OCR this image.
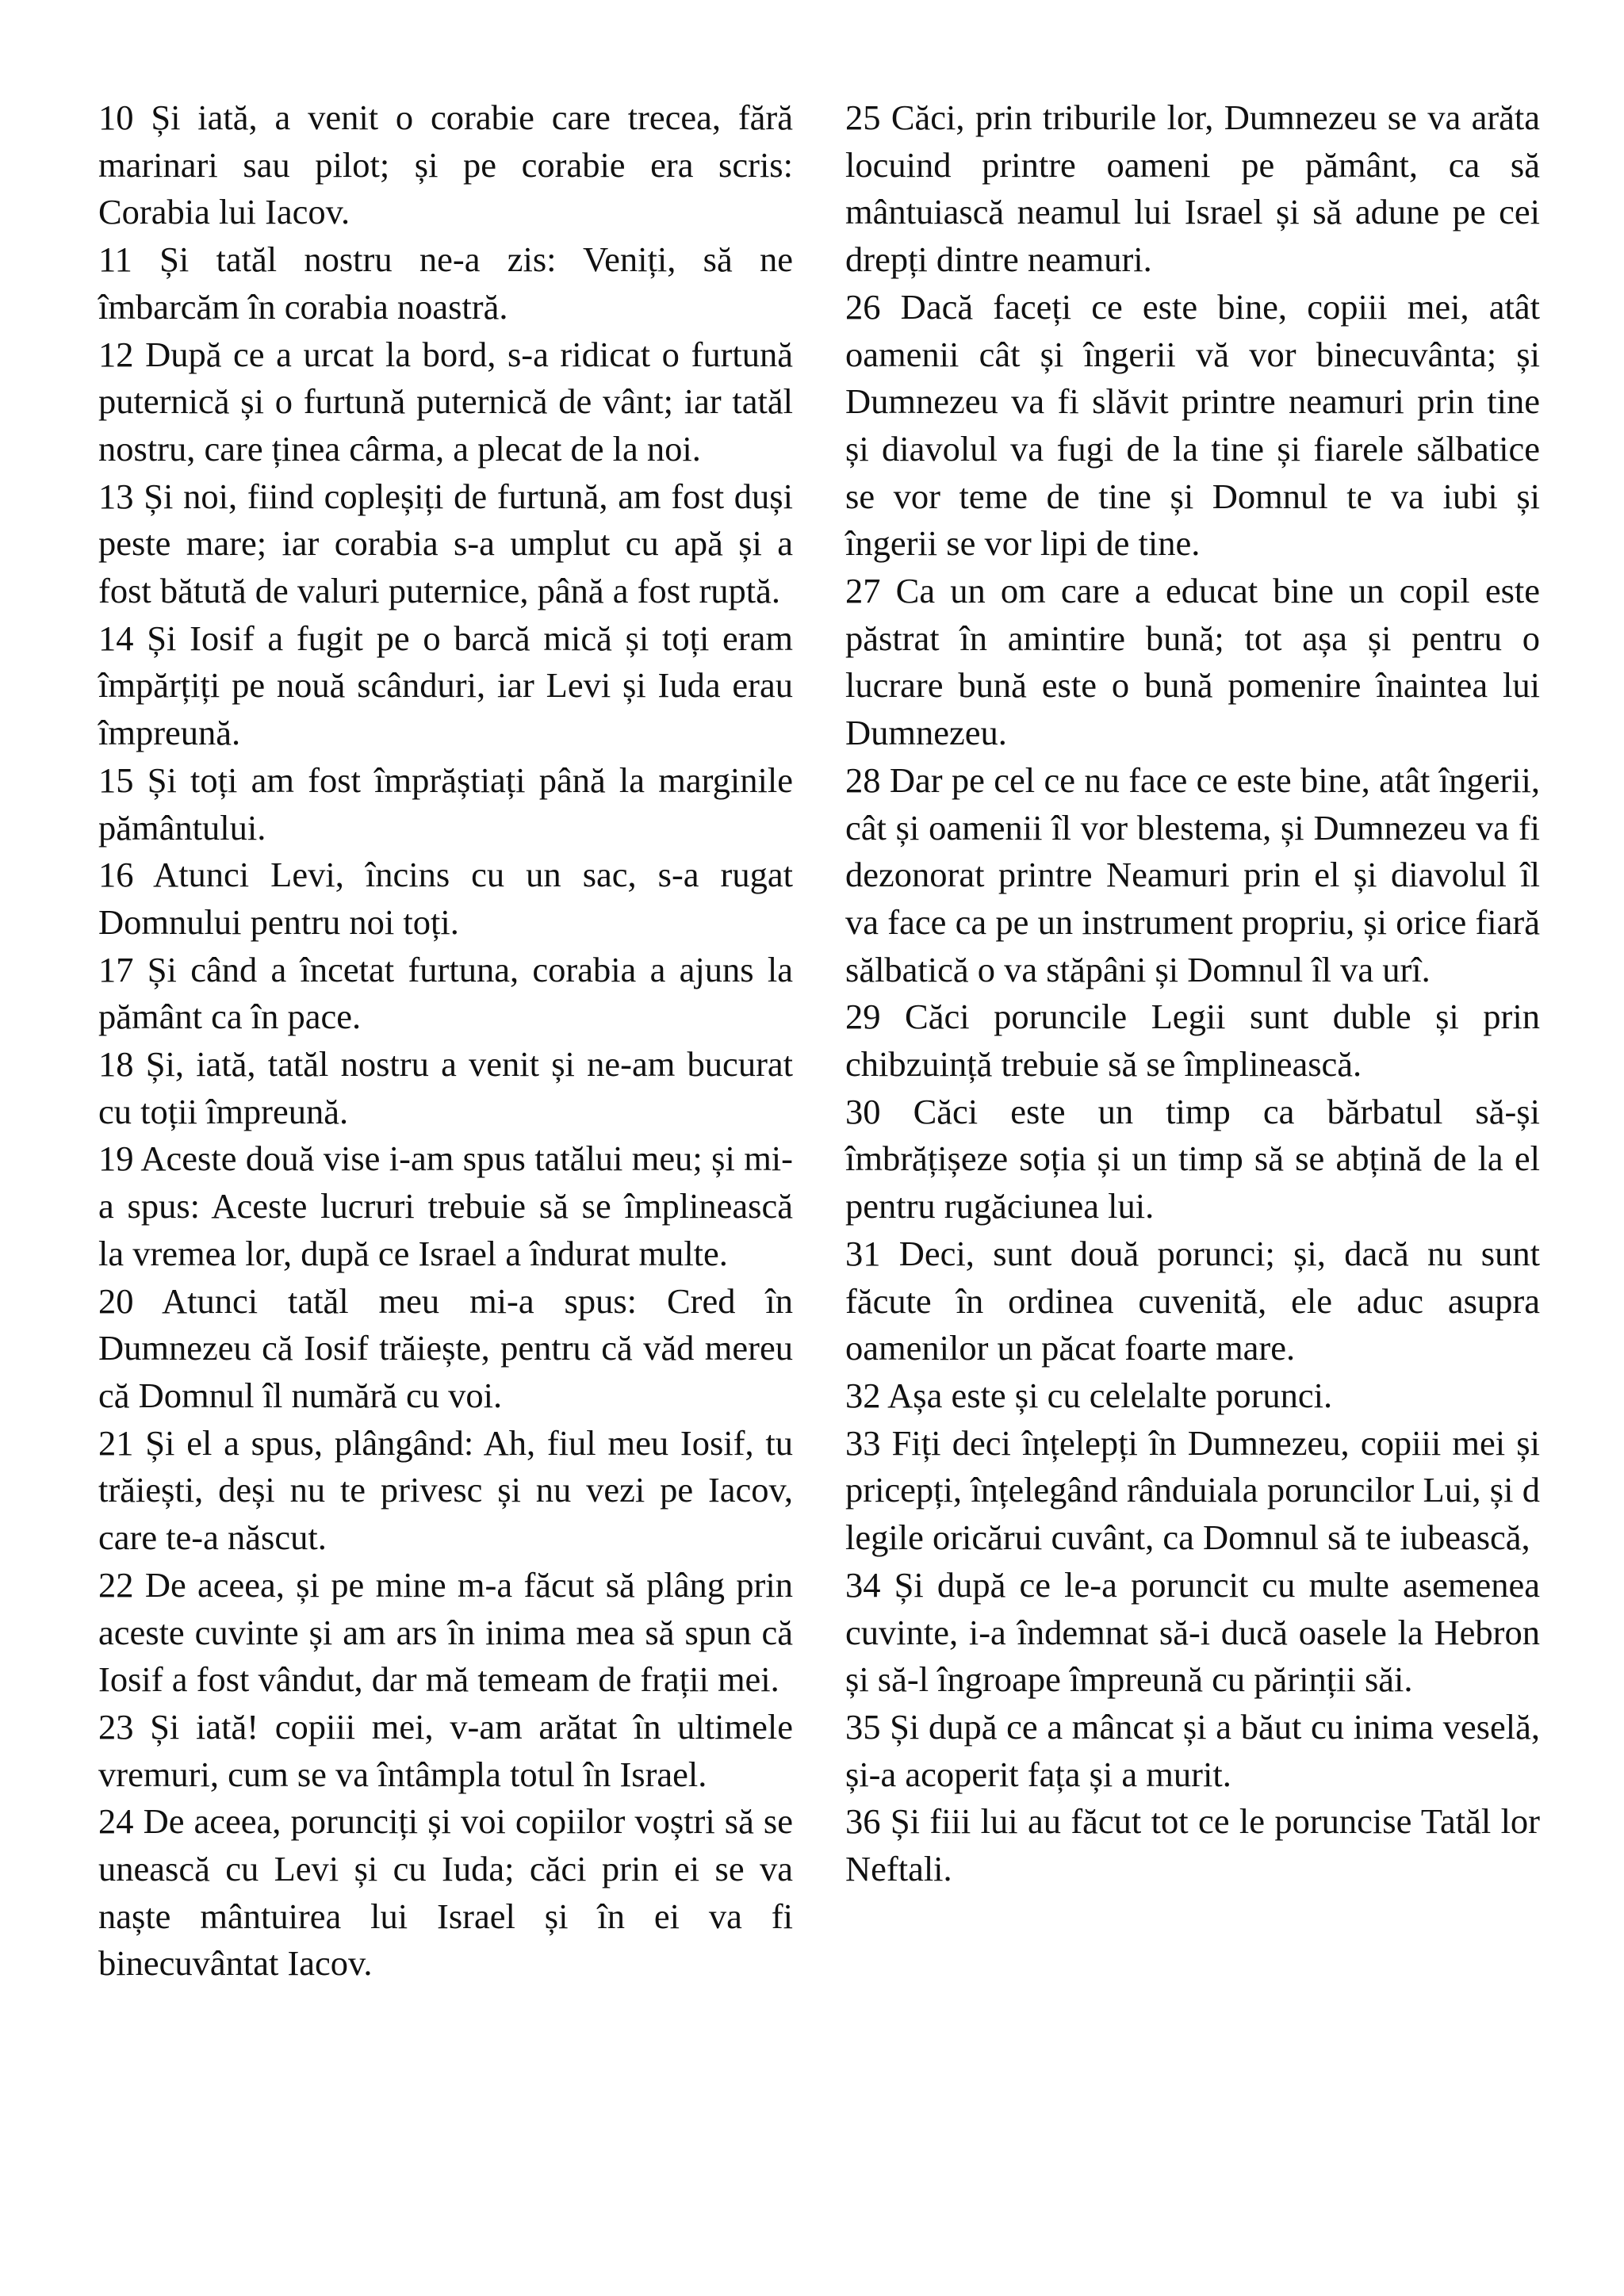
10 Și iată, a venit o corabie care trecea, fără marinari sau pilot; și pe corabie era scris: Corabia lui Iacov.

11 Și tatăl nostru ne-a zis: Veniți, să ne îmbarcăm în corabia noastră.

12 După ce a urcat la bord, s-a ridicat o furtună puternică și o furtună puternică de vânt; iar tatăl nostru, care ținea cârma, a plecat de la noi.

13 Și noi, fiind copleșiți de furtună, am fost duși peste mare; iar corabia s-a umplut cu apă și a fost bătută de valuri puternice, până a fost ruptă.

14 Și Iosif a fugit pe o barcă mică și toți eram împărțiți pe nouă scânduri, iar Levi și Iuda erau împreună.

15 Și toți am fost împrăștiați până la marginile pământului.

16 Atunci Levi, încins cu un sac, s-a rugat Domnului pentru noi toți.

17 Și când a încetat furtuna, corabia a ajuns la pământ ca în pace.

18 Și, iată, tatăl nostru a venit și ne-am bucurat cu toții împreună.

19 Aceste două vise i-am spus tatălui meu; și mi-a spus: Aceste lucruri trebuie să se împlinească la vremea lor, după ce Israel a îndurat multe.

20 Atunci tatăl meu mi-a spus: Cred în Dumnezeu că Iosif trăiește, pentru că văd mereu că Domnul îl numără cu voi.

21 Și el a spus, plângând: Ah, fiul meu Iosif, tu trăiești, deși nu te privesc și nu vezi pe Iacov, care te-a născut.

22 De aceea, și pe mine m-a făcut să plâng prin aceste cuvinte și am ars în inima mea să spun că Iosif a fost vândut, dar mă temeam de frații mei.

23 Și iată! copiii mei, v-am arătat în ultimele vremuri, cum se va întâmpla totul în Israel.

24 De aceea, porunciți și voi copiilor voștri să se unească cu Levi și cu Iuda; căci prin ei se va naște mântuirea lui Israel și în ei va fi binecuvântat Iacov.

25 Căci, prin triburile lor, Dumnezeu se va arăta locuind printre oameni pe pământ, ca să mântuiască neamul lui Israel și să adune pe cei drepți dintre neamuri.

26 Dacă faceți ce este bine, copiii mei, atât oamenii cât și îngerii vă vor binecuvânta; și Dumnezeu va fi slăvit printre neamuri prin tine și diavolul va fugi de la tine și fiarele sălbatice se vor teme de tine și Domnul te va iubi și îngerii se vor lipi de tine.

27 Ca un om care a educat bine un copil este păstrat în amintire bună; tot așa și pentru o lucrare bună este o bună pomenire înaintea lui Dumnezeu.

28 Dar pe cel ce nu face ce este bine, atât îngerii, cât și oamenii îl vor blestema, și Dumnezeu va fi dezonorat printre Neamuri prin el și diavolul îl va face ca pe un instrument propriu, și orice fiară sălbatică o va stăpâni și Domnul îl va urî.

29 Căci poruncile Legii sunt duble și prin chibzuință trebuie să se împlinească.

30 Căci este un timp ca bărbatul să-și îmbrățișeze soția și un timp să se abțină de la el pentru rugăciunea lui.

31 Deci, sunt două porunci; și, dacă nu sunt făcute în ordinea cuvenită, ele aduc asupra oamenilor un păcat foarte mare.

32 Așa este și cu celelalte porunci.

33 Fiți deci înțelepți în Dumnezeu, copiii mei și pricepți, înțelegând rânduiala poruncilor Lui, și d legile oricărui cuvânt, ca Domnul să te iubească,

34 Și după ce le-a poruncit cu multe asemenea cuvinte, i-a îndemnat să-i ducă oasele la Hebron și să-l îngroape împreună cu părinții săi.

35 Și după ce a mâncat și a băut cu inima veselă, și-a acoperit fața și a murit.

36 Și fiii lui au făcut tot ce le poruncise Tatăl lor Neftali.
